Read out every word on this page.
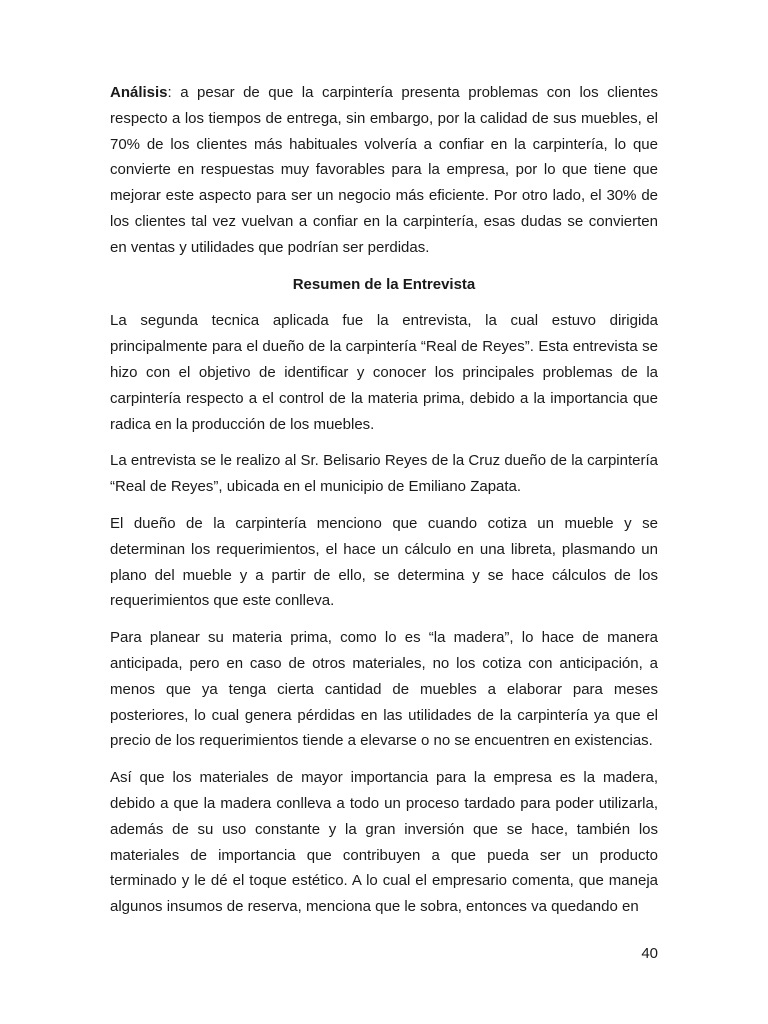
Análisis: a pesar de que la carpintería presenta problemas con los clientes respecto a los tiempos de entrega, sin embargo, por la calidad de sus muebles, el 70% de los clientes más habituales volvería a confiar en la carpintería, lo que convierte en respuestas muy favorables para la empresa, por lo que tiene que mejorar este aspecto para ser un negocio más eficiente. Por otro lado, el 30% de los clientes tal vez vuelvan a confiar en la carpintería, esas dudas se convierten en ventas y utilidades que podrían ser perdidas.

Resumen de la Entrevista

La segunda tecnica aplicada fue la entrevista, la cual estuvo dirigida principalmente para el dueño de la carpintería “Real de Reyes”. Esta entrevista se hizo con el objetivo de identificar y conocer los principales problemas de la carpintería respecto a el control de la materia prima, debido a la importancia que radica en la producción de los muebles.

La entrevista se le realizo al Sr. Belisario Reyes de la Cruz dueño de la carpintería “Real de Reyes”, ubicada en el municipio de Emiliano Zapata.

El dueño de la carpintería menciono que cuando cotiza un mueble y se determinan los requerimientos, el hace un cálculo en una libreta, plasmando un plano del mueble y a partir de ello, se determina y se hace cálculos de los requerimientos que este conlleva.

Para planear su materia prima, como lo es “la madera”, lo hace de manera anticipada, pero en caso de otros materiales, no los cotiza con anticipación, a menos que ya tenga cierta cantidad de muebles a elaborar para meses posteriores, lo cual genera pérdidas en las utilidades de la carpintería ya que el precio de los requerimientos tiende a elevarse o no se encuentren en existencias.

Así que los materiales de mayor importancia para la empresa es la madera, debido a que la madera conlleva a todo un proceso tardado para poder utilizarla, además de su uso constante y la gran inversión que se hace, también los materiales de importancia que contribuyen a que pueda ser un producto terminado y le dé el toque estético. A lo cual el empresario comenta, que maneja algunos insumos de reserva, menciona que le sobra, entonces va quedando en

40
